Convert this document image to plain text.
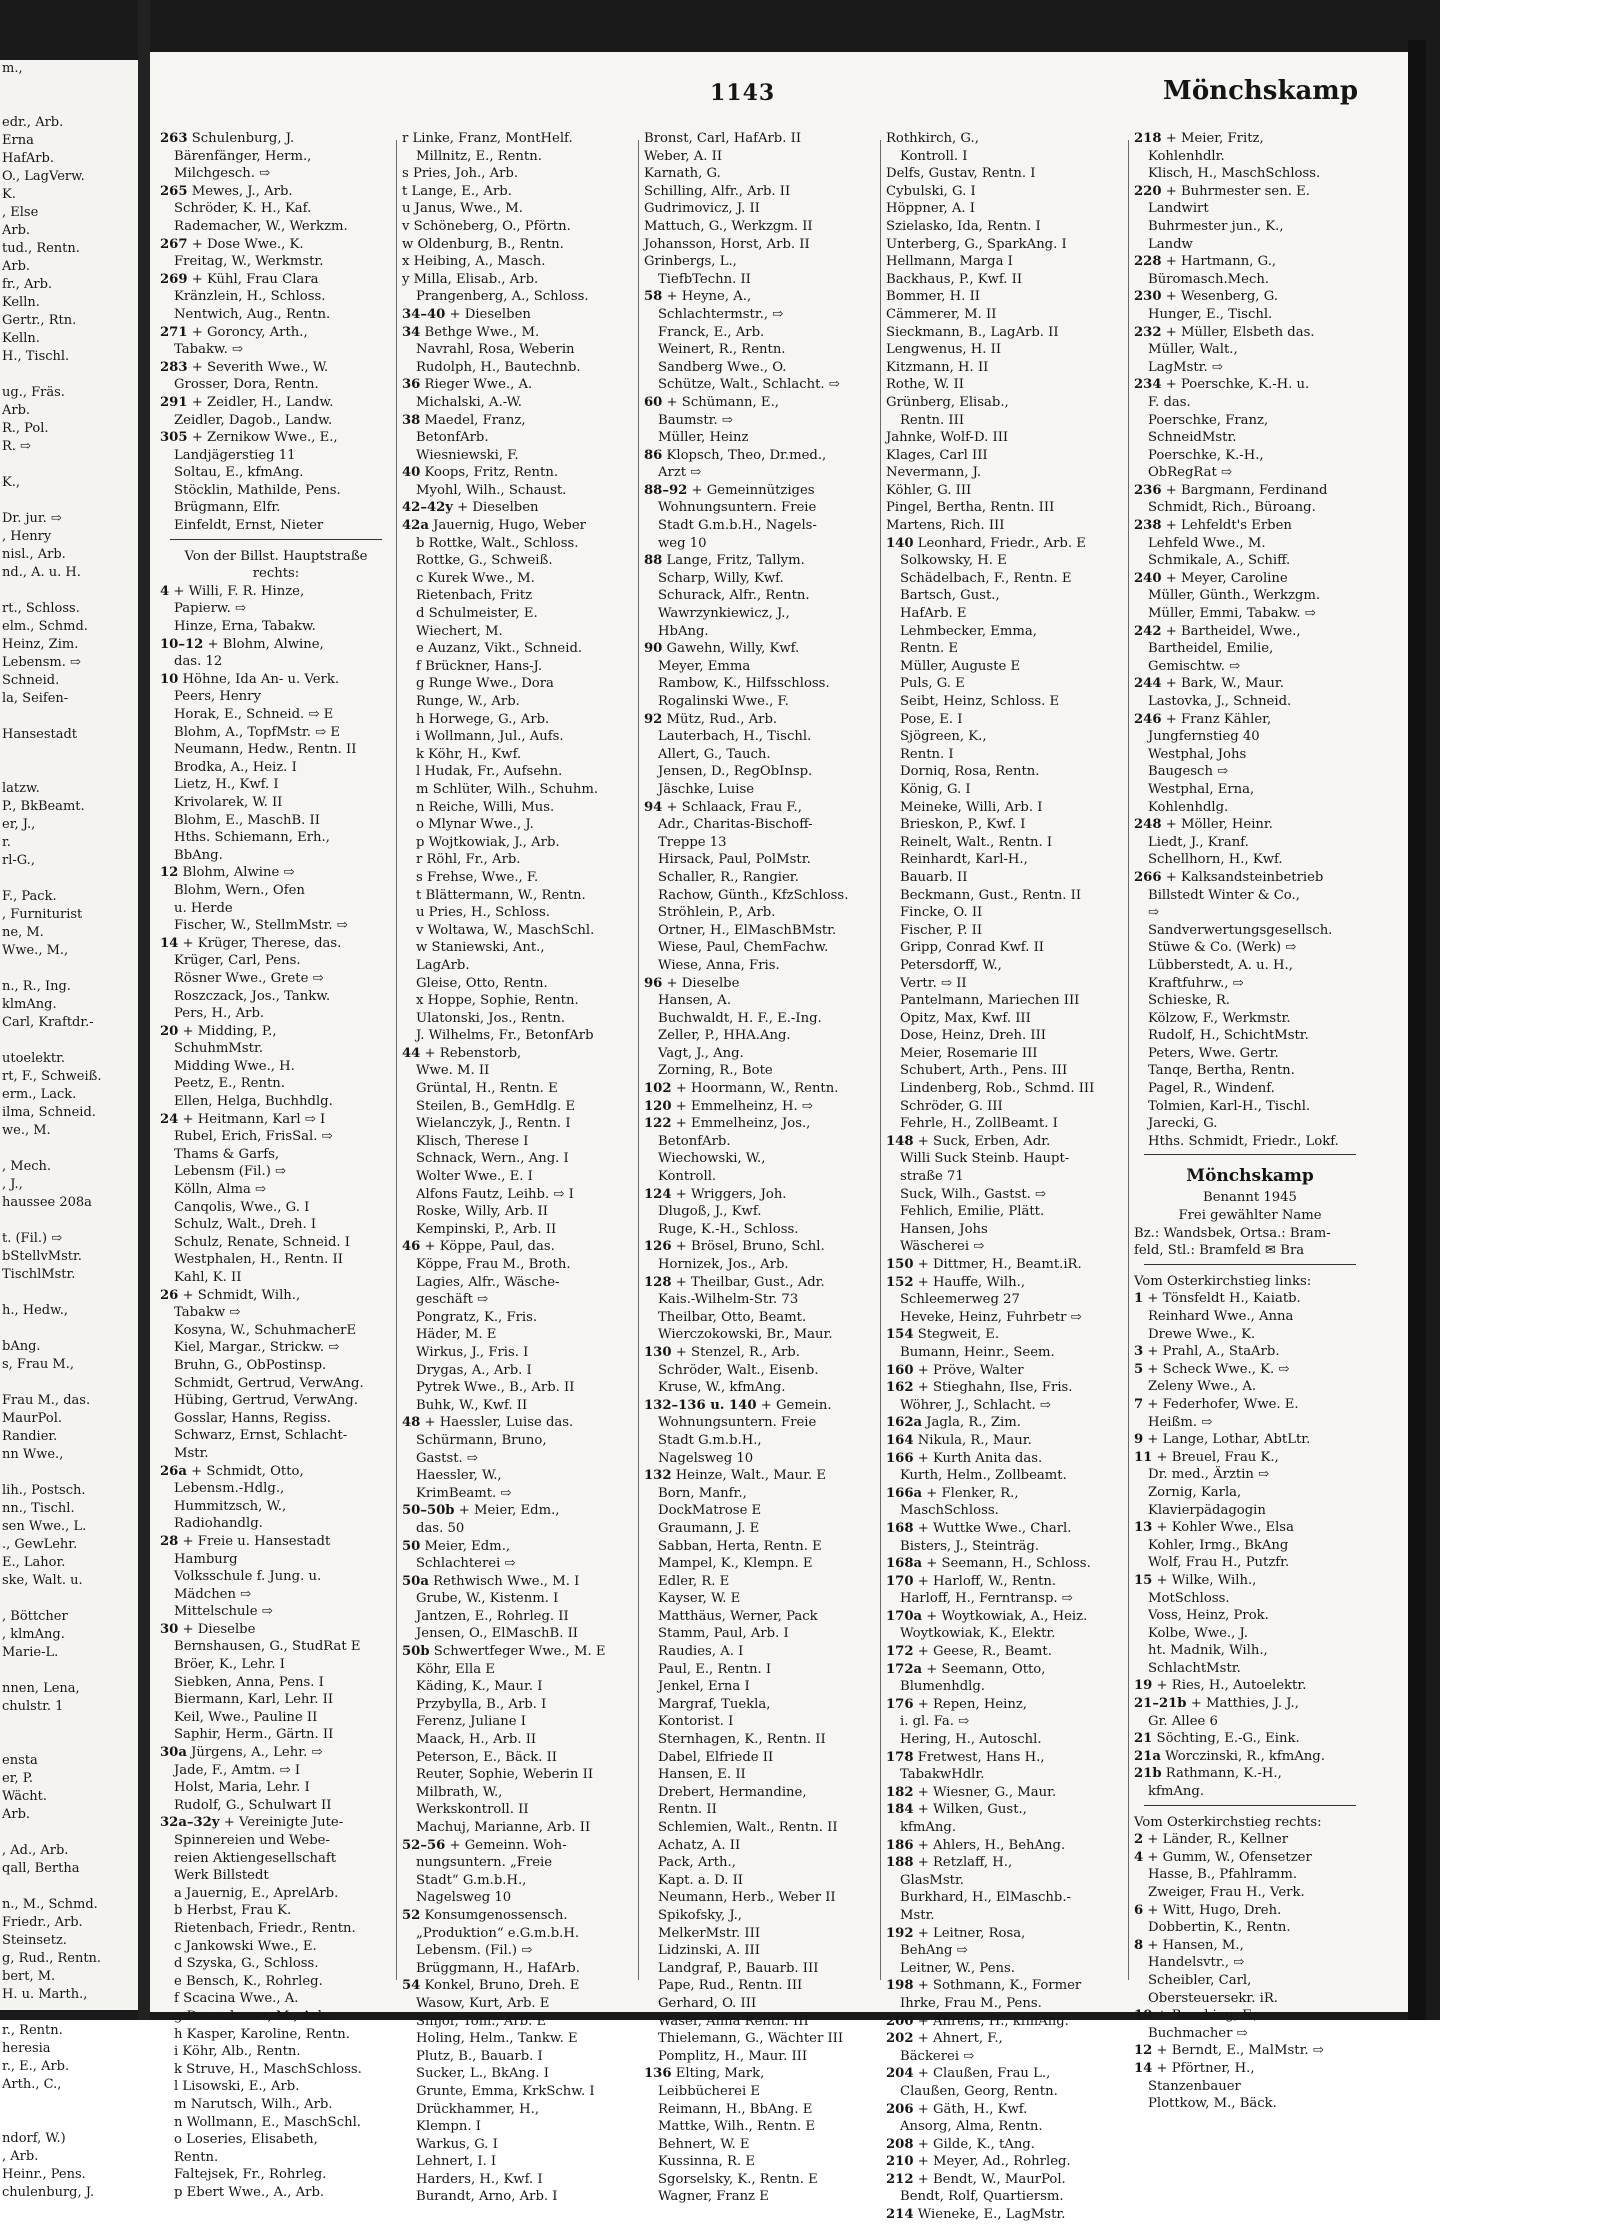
m.,

edr., Arb.
Erna
HafArb.
O., LagVerw.
K.
, Else
Arb.
tud., Rentn.
Arb.
fr., Arb.
Kelln.
Gertr., Rtn.
Kelln.
H., Tischl.

ug., Fräs.
Arb.
R., Pol.
R. ⇨

K.,

Dr. jur. ⇨
, Henry
nisl., Arb.
nd., A. u. H.

rt., Schloss.
elm., Schmd.
Heinz, Zim.
Lebensm. ⇨
Schneid.
la, Seifen-

Hansestadt

latzw.
P., BkBeamt.
er, J.,
r.
rl-G.,

F., Pack.
, Furniturist
ne, M.
Wwe., M.,

n., R., Ing.
klmAng.
Carl, Kraftdr.-

utoelektr.
rt, F., Schweiß.
erm., Lack.
ilma, Schneid.
we., M.

, Mech.
, J.,
haussee 208a

t. (Fil.) ⇨
bStellvMstr.
TischlMstr.

h., Hedw.,

bAng.
s, Frau M.,

Frau M., das.
MaurPol.
Randier.
nn Wwe.,

lih., Postsch.
nn., Tischl.
sen Wwe., L.
., GewLehr.
E., Lahor.
ske, Walt. u.

, Böttcher
, klmAng.
Marie-L.

nnen, Lena,
chulstr. 1

ensta
er, P.
Wächt.
Arb.

, Ad., Arb.
qall, Bertha

n., M., Schmd.
Friedr., Arb.
Steinsetz.
g, Rud., Rentn.
bert, M.
H. u. Marth.,

r., Rentn.
heresia
r., E., Arb.
Arth., C.,

ndorf, W.)
, Arb.
Heinr., Pens.
chulenburg, J.
1143	Mönchskamp
263 Schulenburg, J.
Bärenfänger, Herm.,
Milchgesch. ⇨
265 Mewes, J., Arb.
Schröder, K. H., Kaf.
Rademacher, W., Werkzm.
267 + Dose Wwe., K.
Freitag, W., Werkmstr.
269 + Kühl, Frau Clara
Kränzlein, H., Schloss.
Nentwich, Aug., Rentn.
271 + Goroncy, Arth.,
Tabakw. ⇨
283 + Severith Wwe., W.
Grosser, Dora, Rentn.
291 + Zeidler, H., Landw.
Zeidler, Dagob., Landw.
305 + Zernikow Wwe., E.,
Landjägerstieg 11
Soltau, E., kfmAng.
Stöcklin, Mathilde, Pens.
Brügmann, Elfr.
Einfeldt, Ernst, Nieter
Von der Billst. Hauptstraße
rechts:
4 + Willi, F. R. Hinze,
Papierw. ⇨
Hinze, Erna, Tabakw.
10–12 + Blohm, Alwine,
das. 12
10 Höhne, Ida An- u. Verk.
Peers, Henry
Horak, E., Schneid. ⇨ E
Blohm, A., TopfMstr. ⇨ E
Neumann, Hedw., Rentn. II
Brodka, A., Heiz. I
Lietz, H., Kwf. I
Krivolarek, W. II
Blohm, E., MaschB. II
Hths. Schiemann, Erh.,
BbAng.
12 Blohm, Alwine ⇨
Blohm, Wern., Ofen
u. Herde
Fischer, W., StellmMstr. ⇨
14 + Krüger, Therese, das.
Krüger, Carl, Pens.
Rösner Wwe., Grete ⇨
Roszczack, Jos., Tankw.
Pers, H., Arb.
20 + Midding, P.,
SchuhmMstr.
Midding Wwe., H.
Peetz, E., Rentn.
Ellen, Helga, Buchhdlg.
24 + Heitmann, Karl ⇨ I
Rubel, Erich, FrisSal. ⇨
Thams & Garfs,
Lebensm (Fil.) ⇨
Kölln, Alma ⇨
Canqolis, Wwe., G. I
Schulz, Walt., Dreh. I
Schulz, Renate, Schneid. I
Westphalen, H., Rentn. II
Kahl, K. II
26 + Schmidt, Wilh.,
Tabakw ⇨
Kosyna, W., SchuhmacherE
Kiel, Margar., Strickw. ⇨
Bruhn, G., ObPostinsp.
Schmidt, Gertrud, VerwAng.
Hübing, Gertrud, VerwAng.
Gosslar, Hanns, Regiss.
Schwarz, Ernst, Schlacht-
Mstr.
26a + Schmidt, Otto,
Lebensm.-Hdlg.,
Hummitzsch, W.,
Radiohandlg.
28 + Freie u. Hansestadt
Hamburg
Volksschule f. Jung. u.
Mädchen ⇨
Mittelschule ⇨
30 + Dieselbe
Bernshausen, G., StudRat E
Bröer, K., Lehr. I
Siebken, Anna, Pens. I
Biermann, Karl, Lehr. II
Keil, Wwe., Pauline II
Saphir, Herm., Gärtn. II
30a Jürgens, A., Lehr. ⇨
Jade, F., Amtm. ⇨ I
Holst, Maria, Lehr. I
Rudolf, G., Schulwart II
32a–32y + Vereinigte Jute-
Spinnereien und Webe-
reien Aktiengesellschaft
Werk Billstedt
a Jauernig, E., AprelArb.
b Herbst, Frau K.
Rietenbach, Friedr., Rentn.
c Jankowski Wwe., E.
d Szyska, G., Schloss.
e Bensch, K., Rohrleg.
f Scacina Wwe., A.
g Donaubauer, M., Arb.
h Kasper, Karoline, Rentn.
i Köhr, Alb., Rentn.
k Struve, H., MaschSchloss.
l Lisowski, E., Arb.
m Narutsch, Wilh., Arb.
n Wollmann, E., MaschSchl.
o Loseries, Elisabeth,
Rentn.
Faltejsek, Fr., Rohrleg.
p Ebert Wwe., A., Arb.
r Linke, Franz, MontHelf.
Millnitz, E., Rentn.
s Pries, Joh., Arb.
t Lange, E., Arb.
u Janus, Wwe., M.
v Schöneberg, O., Pförtn.
w Oldenburg, B., Rentn.
x Heibing, A., Masch.
y Milla, Elisab., Arb.
Prangenberg, A., Schloss.
34–40 + Dieselben
34 Bethge Wwe., M.
Navrahl, Rosa, Weberin
Rudolph, H., Bautechnb.
36 Rieger Wwe., A.
Michalski, A.-W.
38 Maedel, Franz,
BetonfArb.
Wiesniewski, F.
40 Koops, Fritz, Rentn.
Myohl, Wilh., Schaust.
42–42y + Dieselben
42a Jauernig, Hugo, Weber
b Rottke, Walt., Schloss.
Rottke, G., Schweiß.
c Kurek Wwe., M.
Rietenbach, Fritz
d Schulmeister, E.
Wiechert, M.
e Auzanz, Vikt., Schneid.
f Brückner, Hans-J.
g Runge Wwe., Dora
Runge, W., Arb.
h Horwege, G., Arb.
i Wollmann, Jul., Aufs.
k Köhr, H., Kwf.
l Hudak, Fr., Aufsehn.
m Schlüter, Wilh., Schuhm.
n Reiche, Willi, Mus.
o Mlynar Wwe., J.
p Wojtkowiak, J., Arb.
r Röhl, Fr., Arb.
s Frehse, Wwe., F.
t Blättermann, W., Rentn.
u Pries, H., Schloss.
v Woltawa, W., MaschSchl.
w Staniewski, Ant.,
LagArb.
Gleise, Otto, Rentn.
x Hoppe, Sophie, Rentn.
Ulatonski, Jos., Rentn.
J. Wilhelms, Fr., BetonfArb
44 + Rebenstorb,
Wwe. M. II
Grüntal, H., Rentn. E
Steilen, B., GemHdlg. E
Wielanczyk, J., Rentn. I
Klisch, Therese I
Schnack, Wern., Ang. I
Wolter Wwe., E. I
Alfons Fautz, Leihb. ⇨ I
Roske, Willy, Arb. II
Kempinski, P., Arb. II
46 + Köppe, Paul, das.
Köppe, Frau M., Broth.
Lagies, Alfr., Wäsche-
geschäft ⇨
Pongratz, K., Fris.
Häder, M. E
Wirkus, J., Fris. I
Drygas, A., Arb. I
Pytrek Wwe., B., Arb. II
Buhk, W., Kwf. II
48 + Haessler, Luise das.
Schürmann, Bruno,
Gastst. ⇨
Haessler, W.,
KrimBeamt. ⇨
50–50b + Meier, Edm.,
das. 50
50 Meier, Edm.,
Schlachterei ⇨
50a Rethwisch Wwe., M. I
Grube, W., Kistenm. I
Jantzen, E., Rohrleg. II
Jensen, O., ElMaschB. II
50b Schwertfeger Wwe., M. E
Köhr, Ella E
Käding, K., Maur. I
Przybylla, B., Arb. I
Ferenz, Juliane I
Maack, H., Arb. II
Peterson, E., Bäck. II
Reuter, Sophie, Weberin II
Milbrath, W.,
Werkskontroll. II
Machuj, Marianne, Arb. II
52–56 + Gemeinn. Woh-
nungsuntern. „Freie
Stadt“ G.m.b.H.,
Nagelsweg 10
52 Konsumgenossensch.
„Produktion“ e.G.m.b.H.
Lebensm. (Fil.) ⇨
Brüggmann, H., HafArb.
54 Konkel, Bruno, Dreh. E
Wasow, Kurt, Arb. E
Sinjor, Tom., Arb. E
Holing, Helm., Tankw. E
Plutz, B., Bauarb. I
Sucker, L., BkAng. I
Grunte, Emma, KrkSchw. I
Drückhammer, H.,
Klempn. I
Warkus, G. I
Lehnert, I. I
Harders, H., Kwf. I
Burandt, Arno, Arb. I
Bronst, Carl, HafArb. II
Weber, A. II
Karnath, G.
Schilling, Alfr., Arb. II
Gudrimovicz, J. II
Mattuch, G., Werkzgm. II
Johansson, Horst, Arb. II
Grinbergs, L.,
TiefbTechn. II
58 + Heyne, A.,
Schlachtermstr., ⇨
Franck, E., Arb.
Weinert, R., Rentn.
Sandberg Wwe., O.
Schütze, Walt., Schlacht. ⇨
60 + Schümann, E.,
Baumstr. ⇨
Müller, Heinz
86 Klopsch, Theo, Dr.med.,
Arzt ⇨
88–92 + Gemeinnütziges
Wohnungsuntern. Freie
Stadt G.m.b.H., Nagels-
weg 10
88 Lange, Fritz, Tallym.
Scharp, Willy, Kwf.
Schurack, Alfr., Rentn.
Wawrzynkiewicz, J.,
HbAng.
90 Gawehn, Willy, Kwf.
Meyer, Emma
Rambow, K., Hilfsschloss.
Rogalinski Wwe., F.
92 Mütz, Rud., Arb.
Lauterbach, H., Tischl.
Allert, G., Tauch.
Jensen, D., RegObInsp.
Jäschke, Luise
94 + Schlaack, Frau F.,
Adr., Charitas-Bischoff-
Treppe 13
Hirsack, Paul, PolMstr.
Schaller, R., Rangier.
Rachow, Günth., KfzSchloss.
Ströhlein, P., Arb.
Ortner, H., ElMaschBMstr.
Wiese, Paul, ChemFachw.
Wiese, Anna, Fris.
96 + Dieselbe
Hansen, A.
Buchwaldt, H. F., E.-Ing.
Zeller, P., HHA.Ang.
Vagt, J., Ang.
Zorning, R., Bote
102 + Hoormann, W., Rentn.
120 + Emmelheinz, H. ⇨
122 + Emmelheinz, Jos.,
BetonfArb.
Wiechowski, W.,
Kontroll.
124 + Wriggers, Joh.
Dlugoß, J., Kwf.
Ruge, K.-H., Schloss.
126 + Brösel, Bruno, Schl.
Hornizek, Jos., Arb.
128 + Theilbar, Gust., Adr.
Kais.-Wilhelm-Str. 73
Theilbar, Otto, Beamt.
Wierczokowski, Br., Maur.
130 + Stenzel, R., Arb.
Schröder, Walt., Eisenb.
Kruse, W., kfmAng.
132–136 u. 140 + Gemein.
Wohnungsuntern. Freie
Stadt G.m.b.H.,
Nagelsweg 10
132 Heinze, Walt., Maur. E
Born, Manfr.,
DockMatrose E
Graumann, J. E
Sabban, Herta, Rentn. E
Mampel, K., Klempn. E
Edler, R. E
Kayser, W. E
Matthäus, Werner, Pack
Stamm, Paul, Arb. I
Raudies, A. I
Paul, E., Rentn. I
Jenkel, Erna I
Margraf, Tuekla,
Kontorist. I
Sternhagen, K., Rentn. II
Dabel, Elfriede II
Hansen, E. II
Drebert, Hermandine,
Rentn. II
Schlemien, Walt., Rentn. II
Achatz, A. II
Pack, Arth.,
Kapt. a. D. II
Neumann, Herb., Weber II
Spikofsky, J.,
MelkerMstr. III
Lidzinski, A. III
Landgraf, P., Bauarb. III
Pape, Rud., Rentn. III
Gerhard, O. III
Wäser, Anna Rentn. III
Thielemann, G., Wächter III
Pomplitz, H., Maur. III
136 Elting, Mark,
Leibbücherei E
Reimann, H., BbAng. E
Mattke, Wilh., Rentn. E
Behnert, W. E
Kussinna, R. E
Sgorselsky, K., Rentn. E
Wagner, Franz E
Rothkirch, G.,
Kontroll. I
Delfs, Gustav, Rentn. I
Cybulski, G. I
Höppner, A. I
Szielasko, Ida, Rentn. I
Unterberg, G., SparkAng. I
Hellmann, Marga I
Backhaus, P., Kwf. II
Bommer, H. II
Cämmerer, M. II
Sieckmann, B., LagArb. II
Lengwenus, H. II
Kitzmann, H. II
Rothe, W. II
Grünberg, Elisab.,
Rentn. III
Jahnke, Wolf-D. III
Klages, Carl III
Nevermann, J.
Köhler, G. III
Pingel, Bertha, Rentn. III
Martens, Rich. III
140 Leonhard, Friedr., Arb. E
Solkowsky, H. E
Schädelbach, F., Rentn. E
Bartsch, Gust.,
HafArb. E
Lehmbecker, Emma,
Rentn. E
Müller, Auguste E
Puls, G. E
Seibt, Heinz, Schloss. E
Pose, E. I
Sjögreen, K.,
Rentn. I
Dorniq, Rosa, Rentn.
König, G. I
Meineke, Willi, Arb. I
Brieskon, P., Kwf. I
Reinelt, Walt., Rentn. I
Reinhardt, Karl-H.,
Bauarb. II
Beckmann, Gust., Rentn. II
Fincke, O. II
Fischer, P. II
Gripp, Conrad Kwf. II
Petersdorff, W.,
Vertr. ⇨ II
Pantelmann, Mariechen III
Opitz, Max, Kwf. III
Dose, Heinz, Dreh. III
Meier, Rosemarie III
Schubert, Arth., Pens. III
Lindenberg, Rob., Schmd. III
Schröder, G. III
Fehrle, H., ZollBeamt. I
148 + Suck, Erben, Adr.
Willi Suck Steinb. Haupt-
straße 71
Suck, Wilh., Gastst. ⇨
Fehlich, Emilie, Plätt.
Hansen, Johs
Wäscherei ⇨
150 + Dittmer, H., Beamt.iR.
152 + Hauffe, Wilh.,
Schleemerweg 27
Heveke, Heinz, Fuhrbetr ⇨
154 Stegweit, E.
Bumann, Heinr., Seem.
160 + Pröve, Walter
162 + Stieghahn, Ilse, Fris.
Wöhrer, J., Schlacht. ⇨
162a Jagla, R., Zim.
164 Nikula, R., Maur.
166 + Kurth Anita das.
Kurth, Helm., Zollbeamt.
166a + Flenker, R.,
MaschSchloss.
168 + Wuttke Wwe., Charl.
Bisters, J., Steinträg.
168a + Seemann, H., Schloss.
170 + Harloff, W., Rentn.
Harloff, H., Ferntransp. ⇨
170a + Woytkowiak, A., Heiz.
Woytkowiak, K., Elektr.
172 + Geese, R., Beamt.
172a + Seemann, Otto,
Blumenhdlg.
176 + Repen, Heinz,
i. gl. Fa. ⇨
Hering, H., Autoschl.
178 Fretwest, Hans H.,
TabakwHdlr.
182 + Wiesner, G., Maur.
184 + Wilken, Gust.,
kfmAng.
186 + Ahlers, H., BehAng.
188 + Retzlaff, H.,
GlasMstr.
Burkhard, H., ElMaschb.-
Mstr.
192 + Leitner, Rosa,
BehAng ⇨
Leitner, W., Pens.
198 + Sothmann, K., Former
Ihrke, Frau M., Pens.
200 + Ahrens, H., kfmAng.
202 + Ahnert, F.,
Bäckerei ⇨
204 + Claußen, Frau L.,
Claußen, Georg, Rentn.
206 + Gäth, H., Kwf.
Ansorg, Alma, Rentn.
208 + Gilde, K., tAng.
210 + Meyer, Ad., Rohrleg.
212 + Bendt, W., MaurPol.
Bendt, Rolf, Quartiersm.
214 Wieneke, E., LagMstr.
218 + Meier, Fritz,
Kohlenhdlr.
Klisch, H., MaschSchloss.
220 + Buhrmester sen. E.
Landwirt
Buhrmester jun., K.,
Landw
228 + Hartmann, G.,
Büromasch.Mech.
230 + Wesenberg, G.
Hunger, E., Tischl.
232 + Müller, Elsbeth das.
Müller, Walt.,
LagMstr. ⇨
234 + Poerschke, K.-H. u.
F. das.
Poerschke, Franz,
SchneidMstr.
Poerschke, K.-H.,
ObRegRat ⇨
236 + Bargmann, Ferdinand
Schmidt, Rich., Büroang.
238 + Lehfeldt's Erben
Lehfeld Wwe., M.
Schmikale, A., Schiff.
240 + Meyer, Caroline
Müller, Günth., Werkzgm.
Müller, Emmi, Tabakw. ⇨
242 + Bartheidel, Wwe.,
Bartheidel, Emilie,
Gemischtw. ⇨
244 + Bark, W., Maur.
Lastovka, J., Schneid.
246 + Franz Kähler,
Jungfernstieg 40
Westphal, Johs
Baugesch ⇨
Westphal, Erna,
Kohlenhdlg.
248 + Möller, Heinr.
Liedt, J., Kranf.
Schellhorn, H., Kwf.
266 + Kalksandsteinbetrieb
Billstedt Winter & Co.,
⇨
Sandverwertungsgesellsch.
Stüwe & Co. (Werk) ⇨
Lübberstedt, A. u. H.,
Kraftfuhrw., ⇨
Schieske, R.
Kölzow, F., Werkmstr.
Rudolf, H., SchichtMstr.
Peters, Wwe. Gertr.
Tanqe, Bertha, Rentn.
Pagel, R., Windenf.
Tolmien, Karl-H., Tischl.
Jarecki, G.
Hths. Schmidt, Friedr., Lokf.
Mönchskamp
Benannt 1945
Frei gewählter Name
Bz.: Wandsbek, Ortsa.: Bram-
feld, Stl.: Bramfeld ✉ Bra
Vom Osterkirchstieg links:
1 + Tönsfeldt H., Kaiatb.
Reinhard Wwe., Anna
Drewe Wwe., K.
3 + Prahl, A., StaArb.
5 + Scheck Wwe., K. ⇨
Zeleny Wwe., A.
7 + Federhofer, Wwe. E.
Heißm. ⇨
9 + Lange, Lothar, AbtLtr.
11 + Breuel, Frau K.,
Dr. med., Ärztin ⇨
Zornig, Karla,
Klavierpädagogin
13 + Kohler Wwe., Elsa
Kohler, Irmg., BkAng
Wolf, Frau H., Putzfr.
15 + Wilke, Wilh.,
MotSchloss.
Voss, Heinz, Prok.
Kolbe, Wwe., J.
ht. Madnik, Wilh.,
SchlachtMstr.
19 + Ries, H., Autoelektr.
21–21b + Matthies, J. J.,
Gr. Allee 6
21 Söchting, E.-G., Eink.
21a Worczinski, R., kfmAng.
21b Rathmann, K.-H.,
kfmAng.
Vom Osterkirchstieg rechts:
2 + Länder, R., Kellner
4 + Gumm, W., Ofensetzer
Hasse, B., Pfahlramm.
Zweiger, Frau H., Verk.
6 + Witt, Hugo, Dreh.
Dobbertin, K., Rentn.
8 + Hansen, M.,
Handelsvtr., ⇨
Scheibler, Carl,
Obersteuersekr. iR.
10 + Busching, F.,
Buchmacher ⇨
12 + Berndt, E., MalMstr. ⇨
14 + Pförtner, H.,
Stanzenbauer
Plottkow, M., Bäck.
